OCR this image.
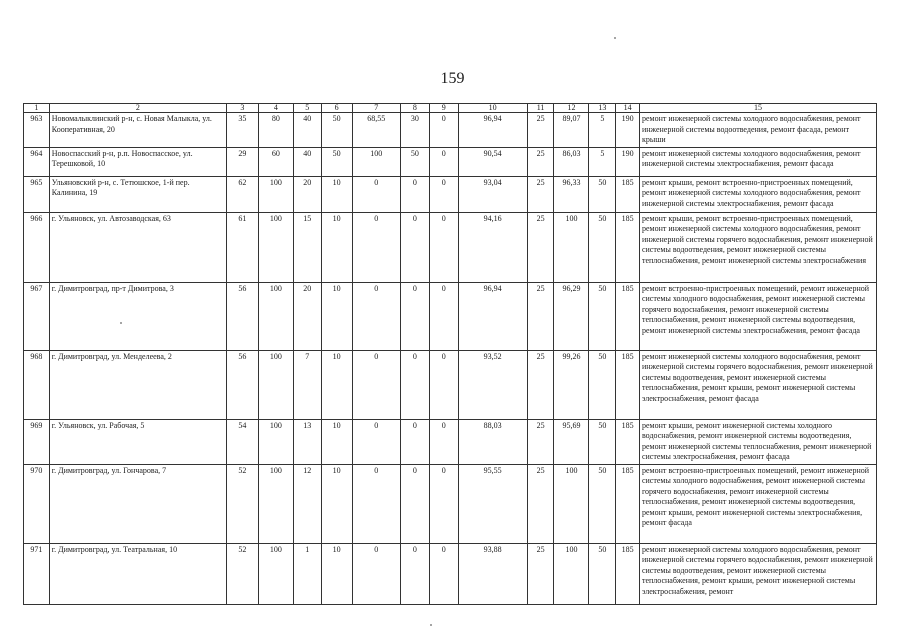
159
1	2	3	4	5	6	7	8	9	10	11	12	13	14	15
963	Новомалыклинский р-н, с. Новая Малыкла, ул. Кооперативная, 20	35	80	40	50	68,55	30	0	96,94	25	89,07	5	190	ремонт инженерной системы холодного водоснабжения, ремонт инженерной системы водоотведения, ремонт фасада, ремонт крыши
964	Новоспасский р-н, р.п. Новоспасское, ул. Терешковой, 10	29	60	40	50	100	50	0	90,54	25	86,03	5	190	ремонт инженерной системы холодного водоснабжения, ремонт инженерной системы электроснабжения, ремонт фасада
965	Ульяновский р-н, с. Тетюшское, 1-й пер. Калинина, 19	62	100	20	10	0	0	0	93,04	25	96,33	50	185	ремонт крыши, ремонт встроенно-пристроенных помещений, ремонт инженерной системы холодного водоснабжения, ремонт инженерной системы электроснабжения, ремонт фасада
966	г. Ульяновск, ул. Автозаводская, 63	61	100	15	10	0	0	0	94,16	25	100	50	185	ремонт крыши, ремонт встроенно-пристроенных помещений, ремонт инженерной системы холодного водоснабжения, ремонт инженерной системы горячего водоснабжения, ремонт инженерной системы водоотведения, ремонт инженерной системы теплоснабжения, ремонт инженерной системы электроснабжения
967	г. Димитровград, пр-т Димитрова, 3	56	100	20	10	0	0	0	96,94	25	96,29	50	185	ремонт встроенно-пристроенных помещений, ремонт инженерной системы холодного водоснабжения, ремонт инженерной системы горячего водоснабжения, ремонт инженерной системы теплоснабжения, ремонт инженерной системы водоотведения, ремонт инженерной системы электроснабжения, ремонт фасада
968	г. Димитровград, ул. Менделеева, 2	56	100	7	10	0	0	0	93,52	25	99,26	50	185	ремонт инженерной системы холодного водоснабжения, ремонт инженерной системы горячего водоснабжения, ремонт инженерной системы водоотведения, ремонт инженерной системы теплоснабжения, ремонт крыши, ремонт инженерной системы электроснабжения, ремонт фасада
969	г. Ульяновск, ул. Рабочая, 5	54	100	13	10	0	0	0	88,03	25	95,69	50	185	ремонт крыши, ремонт инженерной системы холодного водоснабжения, ремонт инженерной системы водоотведения, ремонт инженерной системы теплоснабжения, ремонт инженерной системы электроснабжения, ремонт фасада
970	г. Димитровград, ул. Гончарова, 7	52	100	12	10	0	0	0	95,55	25	100	50	185	ремонт встроенно-пристроенных помещений, ремонт инженерной системы холодного водоснабжения, ремонт инженерной системы горячего водоснабжения, ремонт инженерной системы теплоснабжения, ремонт инженерной системы водоотведения, ремонт крыши, ремонт инженерной системы электроснабжения, ремонт фасада
971	г. Димитровград, ул. Театральная, 10	52	100	1	10	0	0	0	93,88	25	100	50	185	ремонт инженерной системы холодного водоснабжения, ремонт инженерной системы горячего водоснабжения, ремонт инженерной системы водоотведения, ремонт инженерной системы теплоснабжения, ремонт крыши, ремонт инженерной системы электроснабжения, ремонт
